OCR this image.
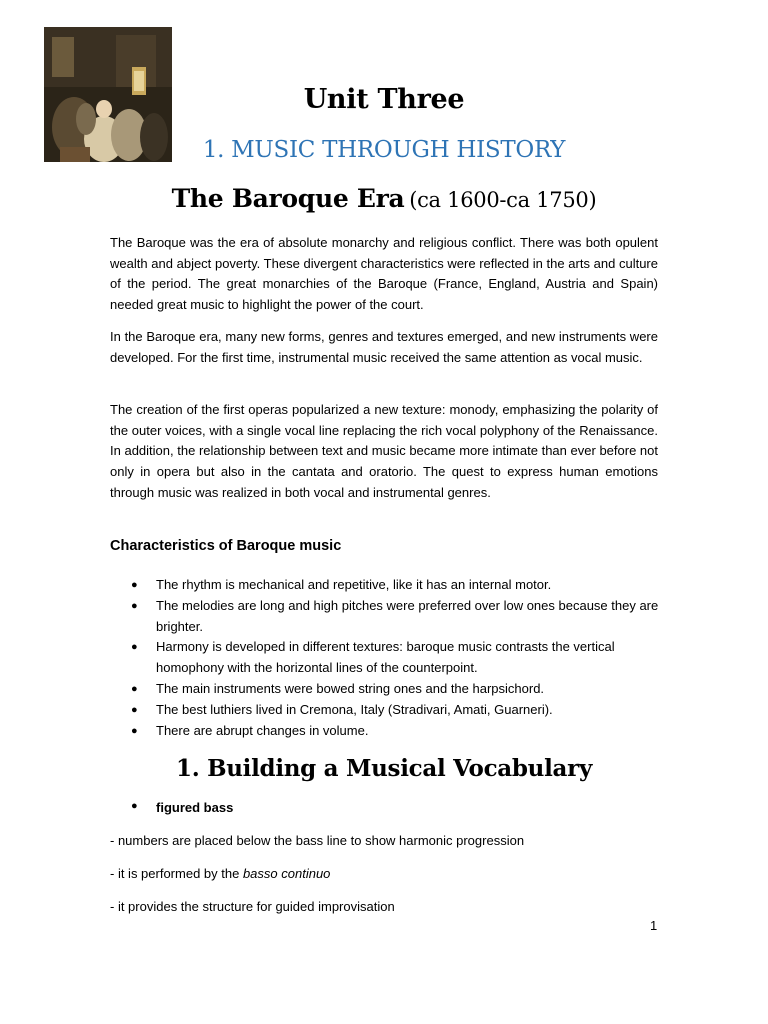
Unit Three
1. MUSIC THROUGH HISTORY
The Baroque Era (ca 1600-ca 1750)

The Baroque was the era of absolute monarchy and religious conflict. There was both opulent wealth and abject poverty. These divergent characteristics were reflected in the arts and culture of the period. The great monarchies of the Baroque (France, England, Austria and Spain) needed great music to highlight the power of the court.

In the Baroque era, many new forms, genres and textures emerged, and new instruments were developed. For the first time, instrumental music received the same attention as vocal music.

The creation of the first operas popularized a new texture: monody, emphasizing the polarity of the outer voices, with a single vocal line replacing the rich vocal polyphony of the Renaissance. In addition, the relationship between text and music became more intimate than ever before not only in opera but also in the cantata and oratorio. The quest to express human emotions through music was realized in both vocal and instrumental genres.

Characteristics of Baroque music
● The rhythm is mechanical and repetitive, like it has an internal motor.
● The melodies are long and high pitches were preferred over low ones because they are brighter.
● Harmony is developed in different textures: baroque music contrasts the vertical homophony with the horizontal lines of the counterpoint.
● The main instruments were bowed string ones and the harpsichord.
● The best luthiers lived in Cremona, Italy (Stradivari, Amati, Guarneri).
● There are abrupt changes in volume.
1. Building a Musical Vocabulary
● figured bass
- numbers are placed below the bass line to show harmonic progression
- it is performed by the basso continuo
- it provides the structure for guided improvisation
1
